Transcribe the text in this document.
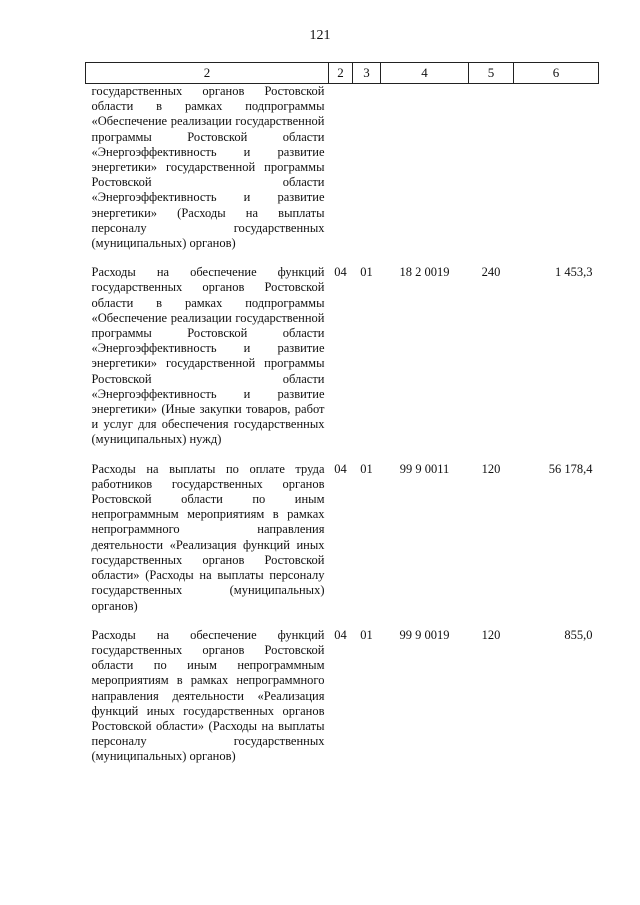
121
2	2	3	4	5	6
государственных органов Ростовской области в рамках подпрограммы «Обеспечение реализации государственной программы Ростовской области «Энергоэффективность и развитие энергетики» государственной программы Ростовской области «Энергоэффективность и развитие энергетики» (Расходы на выплаты персоналу государственных (муниципальных) органов)					
Расходы на обеспечение функций государственных органов Ростовской области в рамках подпрограммы «Обеспечение реализации государственной программы Ростовской области «Энергоэффективность и развитие энергетики» государственной программы Ростовской области «Энергоэффективность и развитие энергетики» (Иные закупки товаров, работ и услуг для обеспечения государственных (муниципальных) нужд)	04	01	18 2 0019	240	1 453,3
Расходы на выплаты по оплате труда работников государственных органов Ростовской области по иным непрограммным мероприятиям в рамках непрограммного направления деятельности «Реализация функций иных государственных органов Ростовской области» (Расходы на выплаты персоналу государственных (муниципальных) органов)	04	01	99 9 0011	120	56 178,4
Расходы на обеспечение функций государственных органов Ростовской области по иным непрограммным мероприятиям в рамках непрограммного направления деятельности «Реализация функций иных государственных органов Ростовской области» (Расходы на выплаты персоналу государственных (муниципальных) органов)	04	01	99 9 0019	120	855,0
